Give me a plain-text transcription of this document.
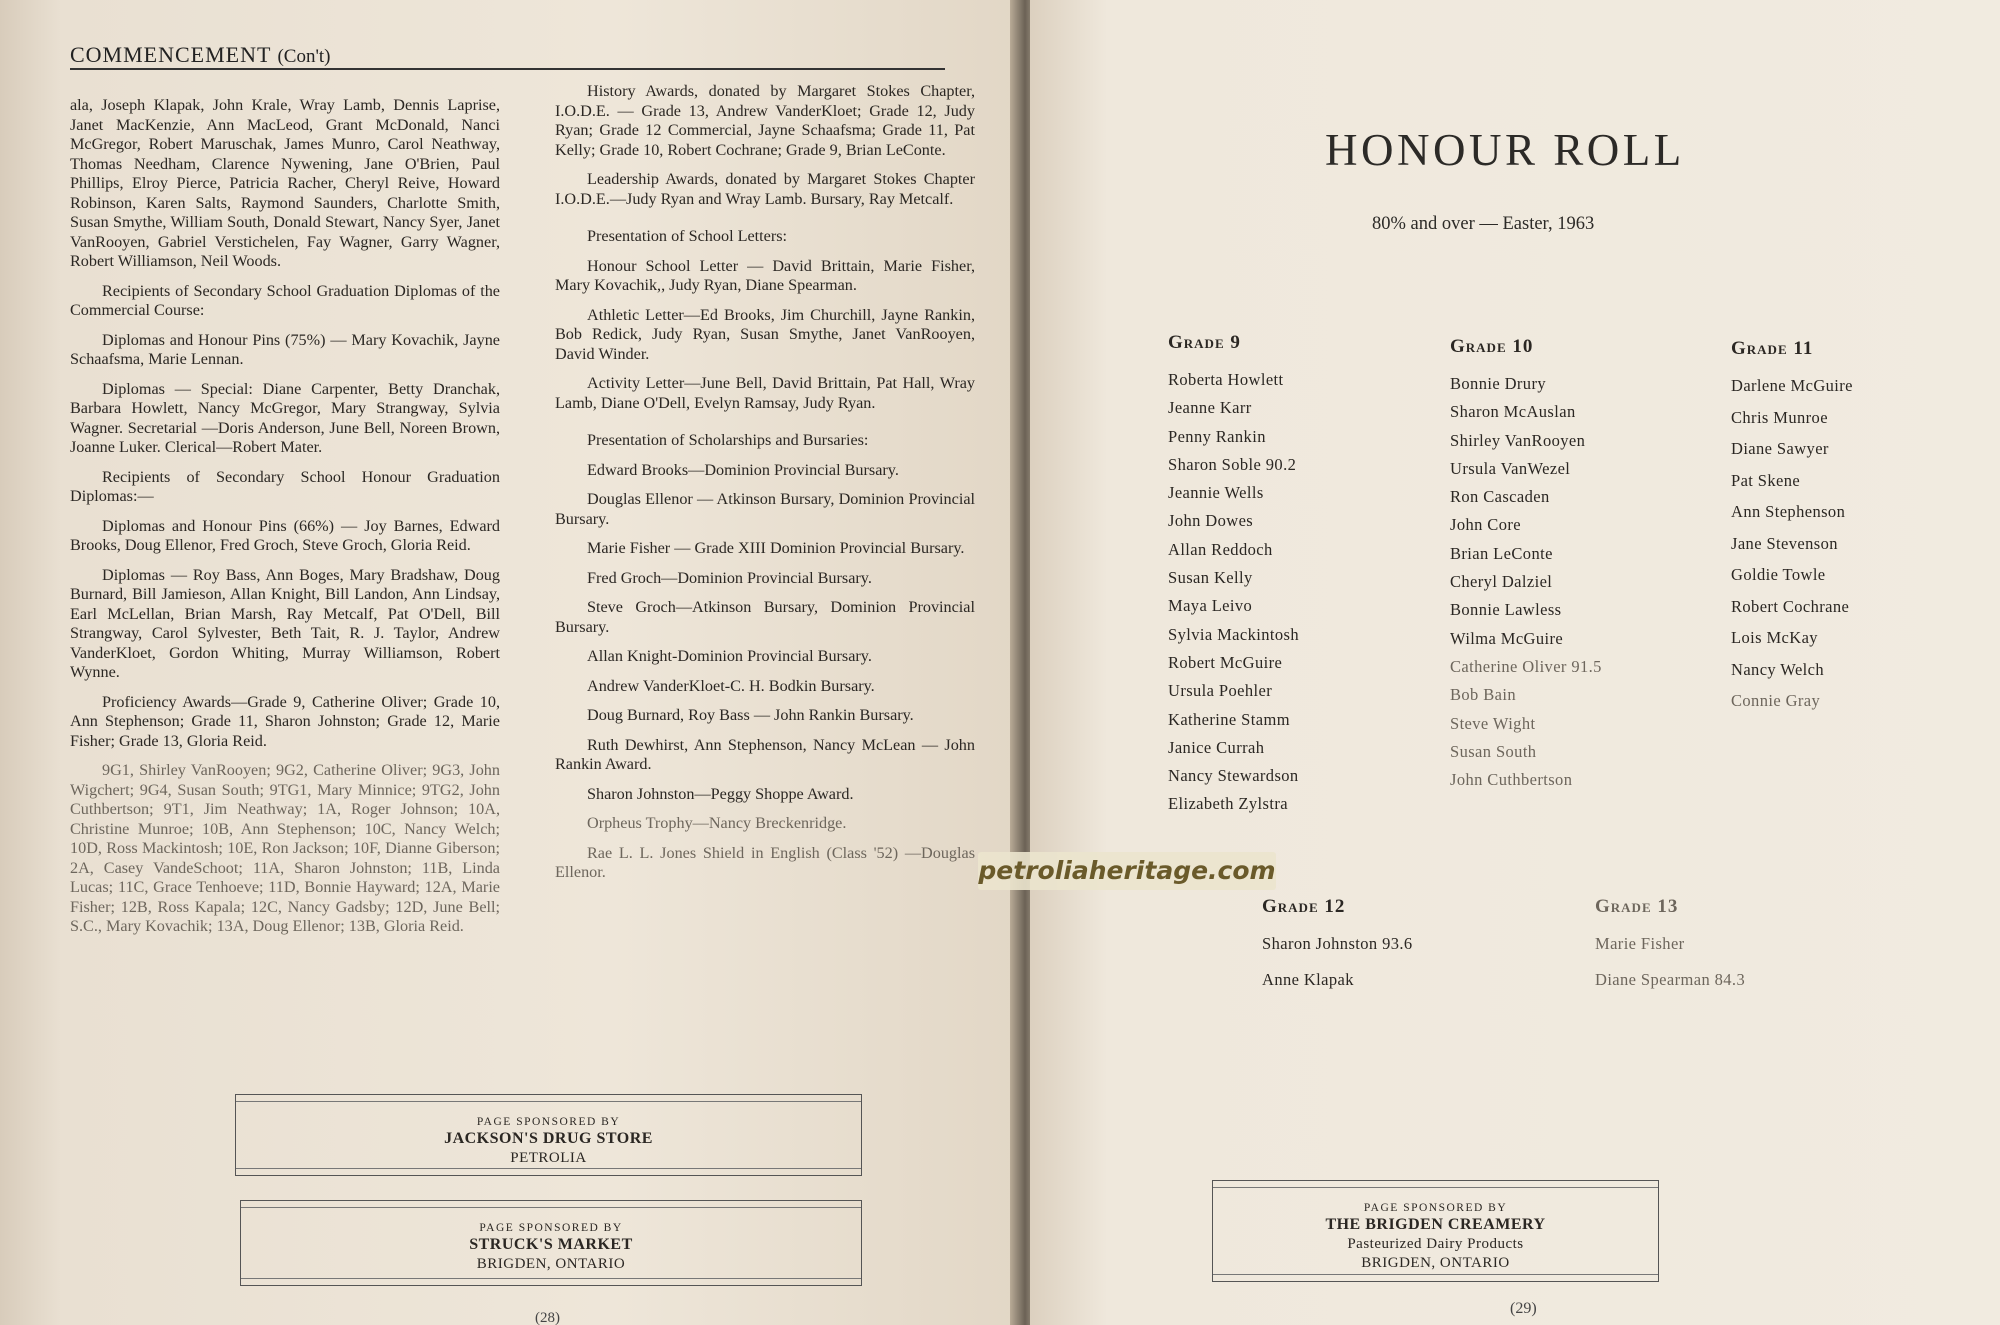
COMMENCEMENT (Con't)

ala, Joseph Klapak, John Krale, Wray Lamb, Dennis Laprise, Janet MacKenzie, Ann MacLeod, Grant McDonald, Nanci McGregor, Robert Maruschak, James Munro, Carol Neathway, Thomas Needham, Clarence Nywening, Jane O'Brien, Paul Phillips, Elroy Pierce, Patricia Racher, Cheryl Reive, Howard Robinson, Karen Salts, Raymond Saunders, Charlotte Smith, Susan Smythe, William South, Donald Stewart, Nancy Syer, Janet VanRooyen, Gabriel Verstichelen, Fay Wagner, Garry Wagner, Robert Williamson, Neil Woods.

Recipients of Secondary School Graduation Diplomas of the Commercial Course:

Diplomas and Honour Pins (75%) — Mary Kovachik, Jayne Schaafsma, Marie Lennan.

Diplomas — Special: Diane Carpenter, Betty Dranchak, Barbara Howlett, Nancy McGregor, Mary Strangway, Sylvia Wagner. Secretarial —Doris Anderson, June Bell, Noreen Brown, Joanne Luker. Clerical—Robert Mater.

Recipients of Secondary School Honour Graduation Diplomas:—

Diplomas and Honour Pins (66%) — Joy Barnes, Edward Brooks, Doug Ellenor, Fred Groch, Steve Groch, Gloria Reid.

Diplomas — Roy Bass, Ann Boges, Mary Bradshaw, Doug Burnard, Bill Jamieson, Allan Knight, Bill Landon, Ann Lindsay, Earl McLellan, Brian Marsh, Ray Metcalf, Pat O'Dell, Bill Strangway, Carol Sylvester, Beth Tait, R. J. Taylor, Andrew VanderKloet, Gordon Whiting, Murray Williamson, Robert Wynne.

Proficiency Awards—Grade 9, Catherine Oliver; Grade 10, Ann Stephenson; Grade 11, Sharon Johnston; Grade 12, Marie Fisher; Grade 13, Gloria Reid.

9G1, Shirley VanRooyen; 9G2, Catherine Oliver; 9G3, John Wigchert; 9G4, Susan South; 9TG1, Mary Minnice; 9TG2, John Cuthbertson; 9T1, Jim Neathway; 1A, Roger Johnson; 10A, Christine Munroe; 10B, Ann Stephenson; 10C, Nancy Welch; 10D, Ross Mackintosh; 10E, Ron Jackson; 10F, Dianne Giberson; 2A, Casey VandeSchoot; 11A, Sharon Johnston; 11B, Linda Lucas; 11C, Grace Tenhoeve; 11D, Bonnie Hayward; 12A, Marie Fisher; 12B, Ross Kapala; 12C, Nancy Gadsby; 12D, June Bell; S.C., Mary Kovachik; 13A, Doug Ellenor; 13B, Gloria Reid.

History Awards, donated by Margaret Stokes Chapter, I.O.D.E. — Grade 13, Andrew VanderKloet; Grade 12, Judy Ryan; Grade 12 Commercial, Jayne Schaafsma; Grade 11, Pat Kelly; Grade 10, Robert Cochrane; Grade 9, Brian LeConte.

Leadership Awards, donated by Margaret Stokes Chapter I.O.D.E.—Judy Ryan and Wray Lamb. Bursary, Ray Metcalf.

Presentation of School Letters:

Honour School Letter — David Brittain, Marie Fisher, Mary Kovachik,, Judy Ryan, Diane Spearman.

Athletic Letter—Ed Brooks, Jim Churchill, Jayne Rankin, Bob Redick, Judy Ryan, Susan Smythe, Janet VanRooyen, David Winder.

Activity Letter—June Bell, David Brittain, Pat Hall, Wray Lamb, Diane O'Dell, Evelyn Ramsay, Judy Ryan.

Presentation of Scholarships and Bursaries:

Edward Brooks—Dominion Provincial Bursary.

Douglas Ellenor — Atkinson Bursary, Dominion Provincial Bursary.

Marie Fisher — Grade XIII Dominion Provincial Bursary.

Fred Groch—Dominion Provincial Bursary.

Steve Groch—Atkinson Bursary, Dominion Provincial Bursary.

Allan Knight-Dominion Provincial Bursary.

Andrew VanderKloet-C. H. Bodkin Bursary.

Doug Burnard, Roy Bass — John Rankin Bursary.

Ruth Dewhirst, Ann Stephenson, Nancy McLean — John Rankin Award.

Sharon Johnston—Peggy Shoppe Award.

Orpheus Trophy—Nancy Breckenridge.

Rae L. L. Jones Shield in English (Class '52) —Douglas Ellenor.

PAGE SPONSORED BY
JACKSON'S DRUG STORE
PETROLIA
PAGE SPONSORED BY
STRUCK'S MARKET
BRIGDEN, ONTARIO
(28)
HONOUR ROLL
80% and over — Easter, 1963
Grade 9
Roberta Howlett
Jeanne Karr
Penny Rankin
Sharon Soble 90.2
Jeannie Wells
John Dowes
Allan Reddoch
Susan Kelly
Maya Leivo
Sylvia Mackintosh
Robert McGuire
Ursula Poehler
Katherine Stamm
Janice Currah
Nancy Stewardson
Elizabeth Zylstra
Grade 10
Bonnie Drury
Sharon McAuslan
Shirley VanRooyen
Ursula VanWezel
Ron Cascaden
John Core
Brian LeConte
Cheryl Dalziel
Bonnie Lawless
Wilma McGuire
Catherine Oliver 91.5
Bob Bain
Steve Wight
Susan South
John Cuthbertson
Grade 11
Darlene McGuire
Chris Munroe
Diane Sawyer
Pat Skene
Ann Stephenson
Jane Stevenson
Goldie Towle
Robert Cochrane
Lois McKay
Nancy Welch
Connie Gray
Grade 12
Sharon Johnston 93.6
Anne Klapak
Grade 13
Marie Fisher
Diane Spearman 84.3
PAGE SPONSORED BY
THE BRIGDEN CREAMERY
Pasteurized Dairy Products
BRIGDEN, ONTARIO
(29)
petroliaheritage.com
